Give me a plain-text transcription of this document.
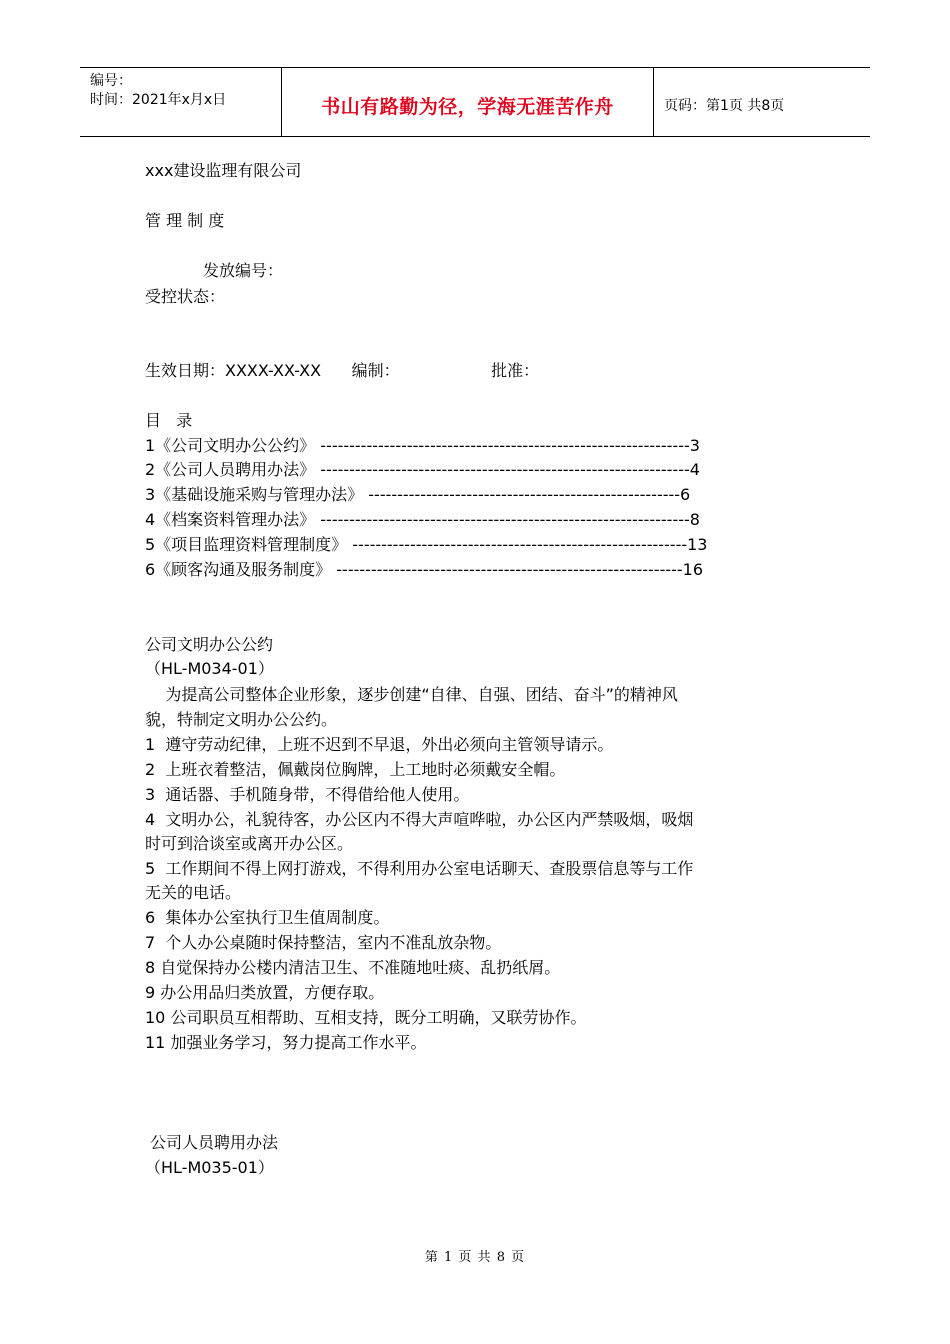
编号：
时间：2021年x月x日	书山有路勤为径，学海无涯苦作舟	页码：第1页 共8页
xxx建设监理有限公司
管 理 制 度
发放编号：
受控状态：
生效日期：XXXX-XX-XX      编制：                  批准：
目   录
1《公司文明办公公约》 ----------------------------------------------------------------3
2《公司人员聘用办法》 ----------------------------------------------------------------4
3《基础设施采购与管理办法》 ------------------------------------------------------6
4《档案资料管理办法》 ----------------------------------------------------------------8
5《项目监理资料管理制度》 ----------------------------------------------------------13
6《顾客沟通及服务制度》 ------------------------------------------------------------16
公司文明办公公约
（HL-M034-01）
为提高公司整体企业形象，逐步创建“自律、自强、团结、奋斗”的精神风
貌，特制定文明办公公约。
1  遵守劳动纪律，上班不迟到不早退，外出必须向主管领导请示。
2  上班衣着整洁，佩戴岗位胸牌，上工地时必须戴安全帽。
3  通话器、手机随身带，不得借给他人使用。
4  文明办公，礼貌待客，办公区内不得大声喧哗啦，办公区内严禁吸烟，吸烟
时可到洽谈室或离开办公区。
5  工作期间不得上网打游戏，不得利用办公室电话聊天、查股票信息等与工作
无关的电话。
6  集体办公室执行卫生值周制度。
7  个人办公桌随时保持整洁，室内不准乱放杂物。
8 自觉保持办公楼内清洁卫生、不准随地吐痰、乱扔纸屑。
9 办公用品归类放置，方便存取。
10 公司职员互相帮助、互相支持，既分工明确，又联劳协作。
11 加强业务学习，努力提高工作水平。
公司人员聘用办法
（HL-M035-01）
第 1 页 共 8 页
